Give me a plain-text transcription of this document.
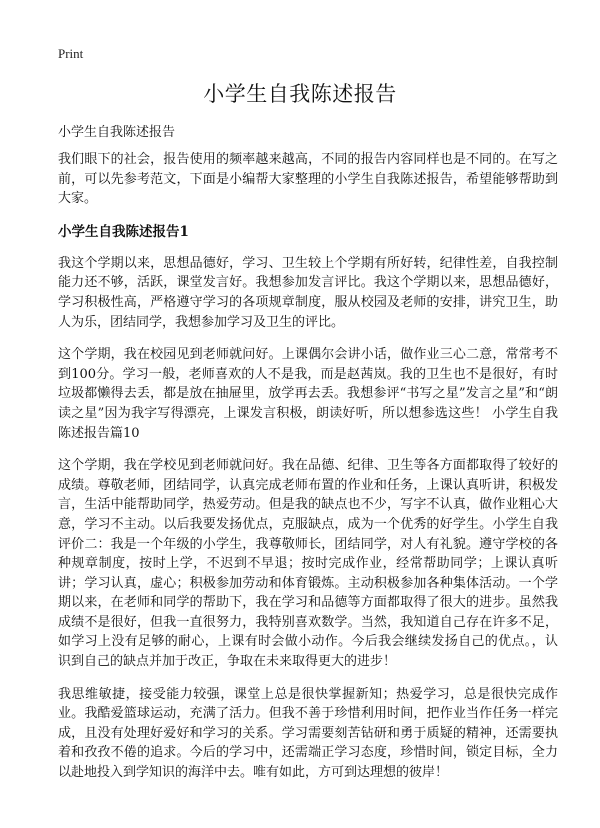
Print
小学生自我陈述报告
小学生自我陈述报告

我们眼下的社会，报告使用的频率越来越高，不同的报告内容同样也是不同的。在写之前，可以先参考范文，下面是小编帮大家整理的小学生自我陈述报告，希望能够帮助到大家。

小学生自我陈述报告1

我这个学期以来，思想品德好，学习、卫生较上个学期有所好转，纪律性差，自我控制能力还不够，活跃，课堂发言好。我想参加发言评比。我这个学期以来，思想品德好，学习积极性高，严格遵守学习的各项规章制度，服从校园及老师的安排，讲究卫生，助人为乐，团结同学，我想参加学习及卫生的评比。

这个学期，我在校园见到老师就问好。上课偶尔会讲小话，做作业三心二意，常常考不到100分。学习一般，老师喜欢的人不是我，而是赵茜岚。我的卫生也不是很好，有时垃圾都懒得去丢，都是放在抽屉里，放学再去丢。我想参评“书写之星”发言之星”和“朗读之星”因为我字写得漂亮，上课发言积极，朗读好听，所以想参选这些！ 小学生自我陈述报告篇10

这个学期，我在学校见到老师就问好。我在品德、纪律、卫生等各方面都取得了较好的成绩。尊敬老师，团结同学，认真完成老师布置的作业和任务，上课认真听讲，积极发言，生活中能帮助同学，热爱劳动。但是我的缺点也不少，写字不认真，做作业粗心大意，学习不主动。以后我要发扬优点，克服缺点，成为一个优秀的好学生。小学生自我评价二：我是一个年级的小学生，我尊敬师长，团结同学，对人有礼貌。遵守学校的各种规章制度，按时上学，不迟到不早退；按时完成作业，经常帮助同学；上课认真听讲；学习认真，虚心；积极参加劳动和体育锻炼。主动积极参加各种集体活动。一个学期以来，在老师和同学的帮助下，我在学习和品德等方面都取得了很大的进步。虽然我成绩不是很好，但我一直很努力，我特别喜欢数学。当然，我知道自己存在许多不足，如学习上没有足够的耐心，上课有时会做小动作。今后我会继续发扬自己的优点。，认识到自己的缺点并加于改正，争取在未来取得更大的进步！

我思维敏捷，接受能力较强，课堂上总是很快掌握新知；热爱学习，总是很快完成作业。我酷爱篮球运动，充满了活力。但我不善于珍惜利用时间，把作业当作任务一样完成，且没有处理好爱好和学习的关系。学习需要刻苦钻研和勇于质疑的精神，还需要执着和孜孜不倦的追求。今后的学习中，还需端正学习态度，珍惜时间，锁定目标，全力以赴地投入到学知识的海洋中去。唯有如此，方可到达理想的彼岸！
